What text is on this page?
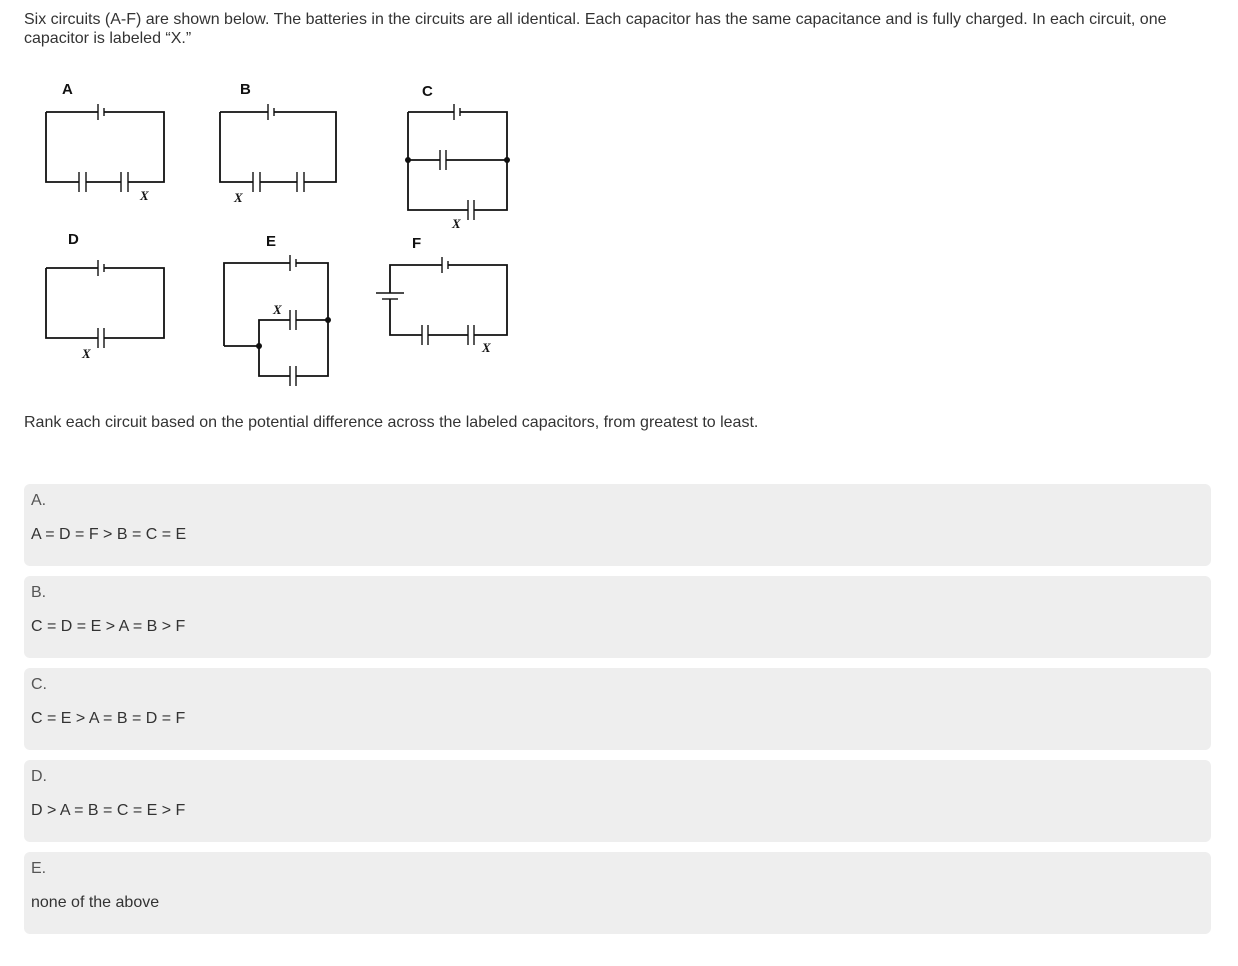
Six circuits (A-F) are shown below. The batteries in the circuits are all identical. Each capacitor has the same capacitance and is fully charged. In each circuit, one capacitor is labeled “X.”

A
X
B
X
C
X
D
X
E
X
F
X

Rank each circuit based on the potential difference across the labeled capacitors, from greatest to least.

A.
A = D = F > B = C = E
B.
C = D = E > A = B > F
C.
C = E > A = B = D = F
D.
D > A = B = C = E > F
E.
none of the above
